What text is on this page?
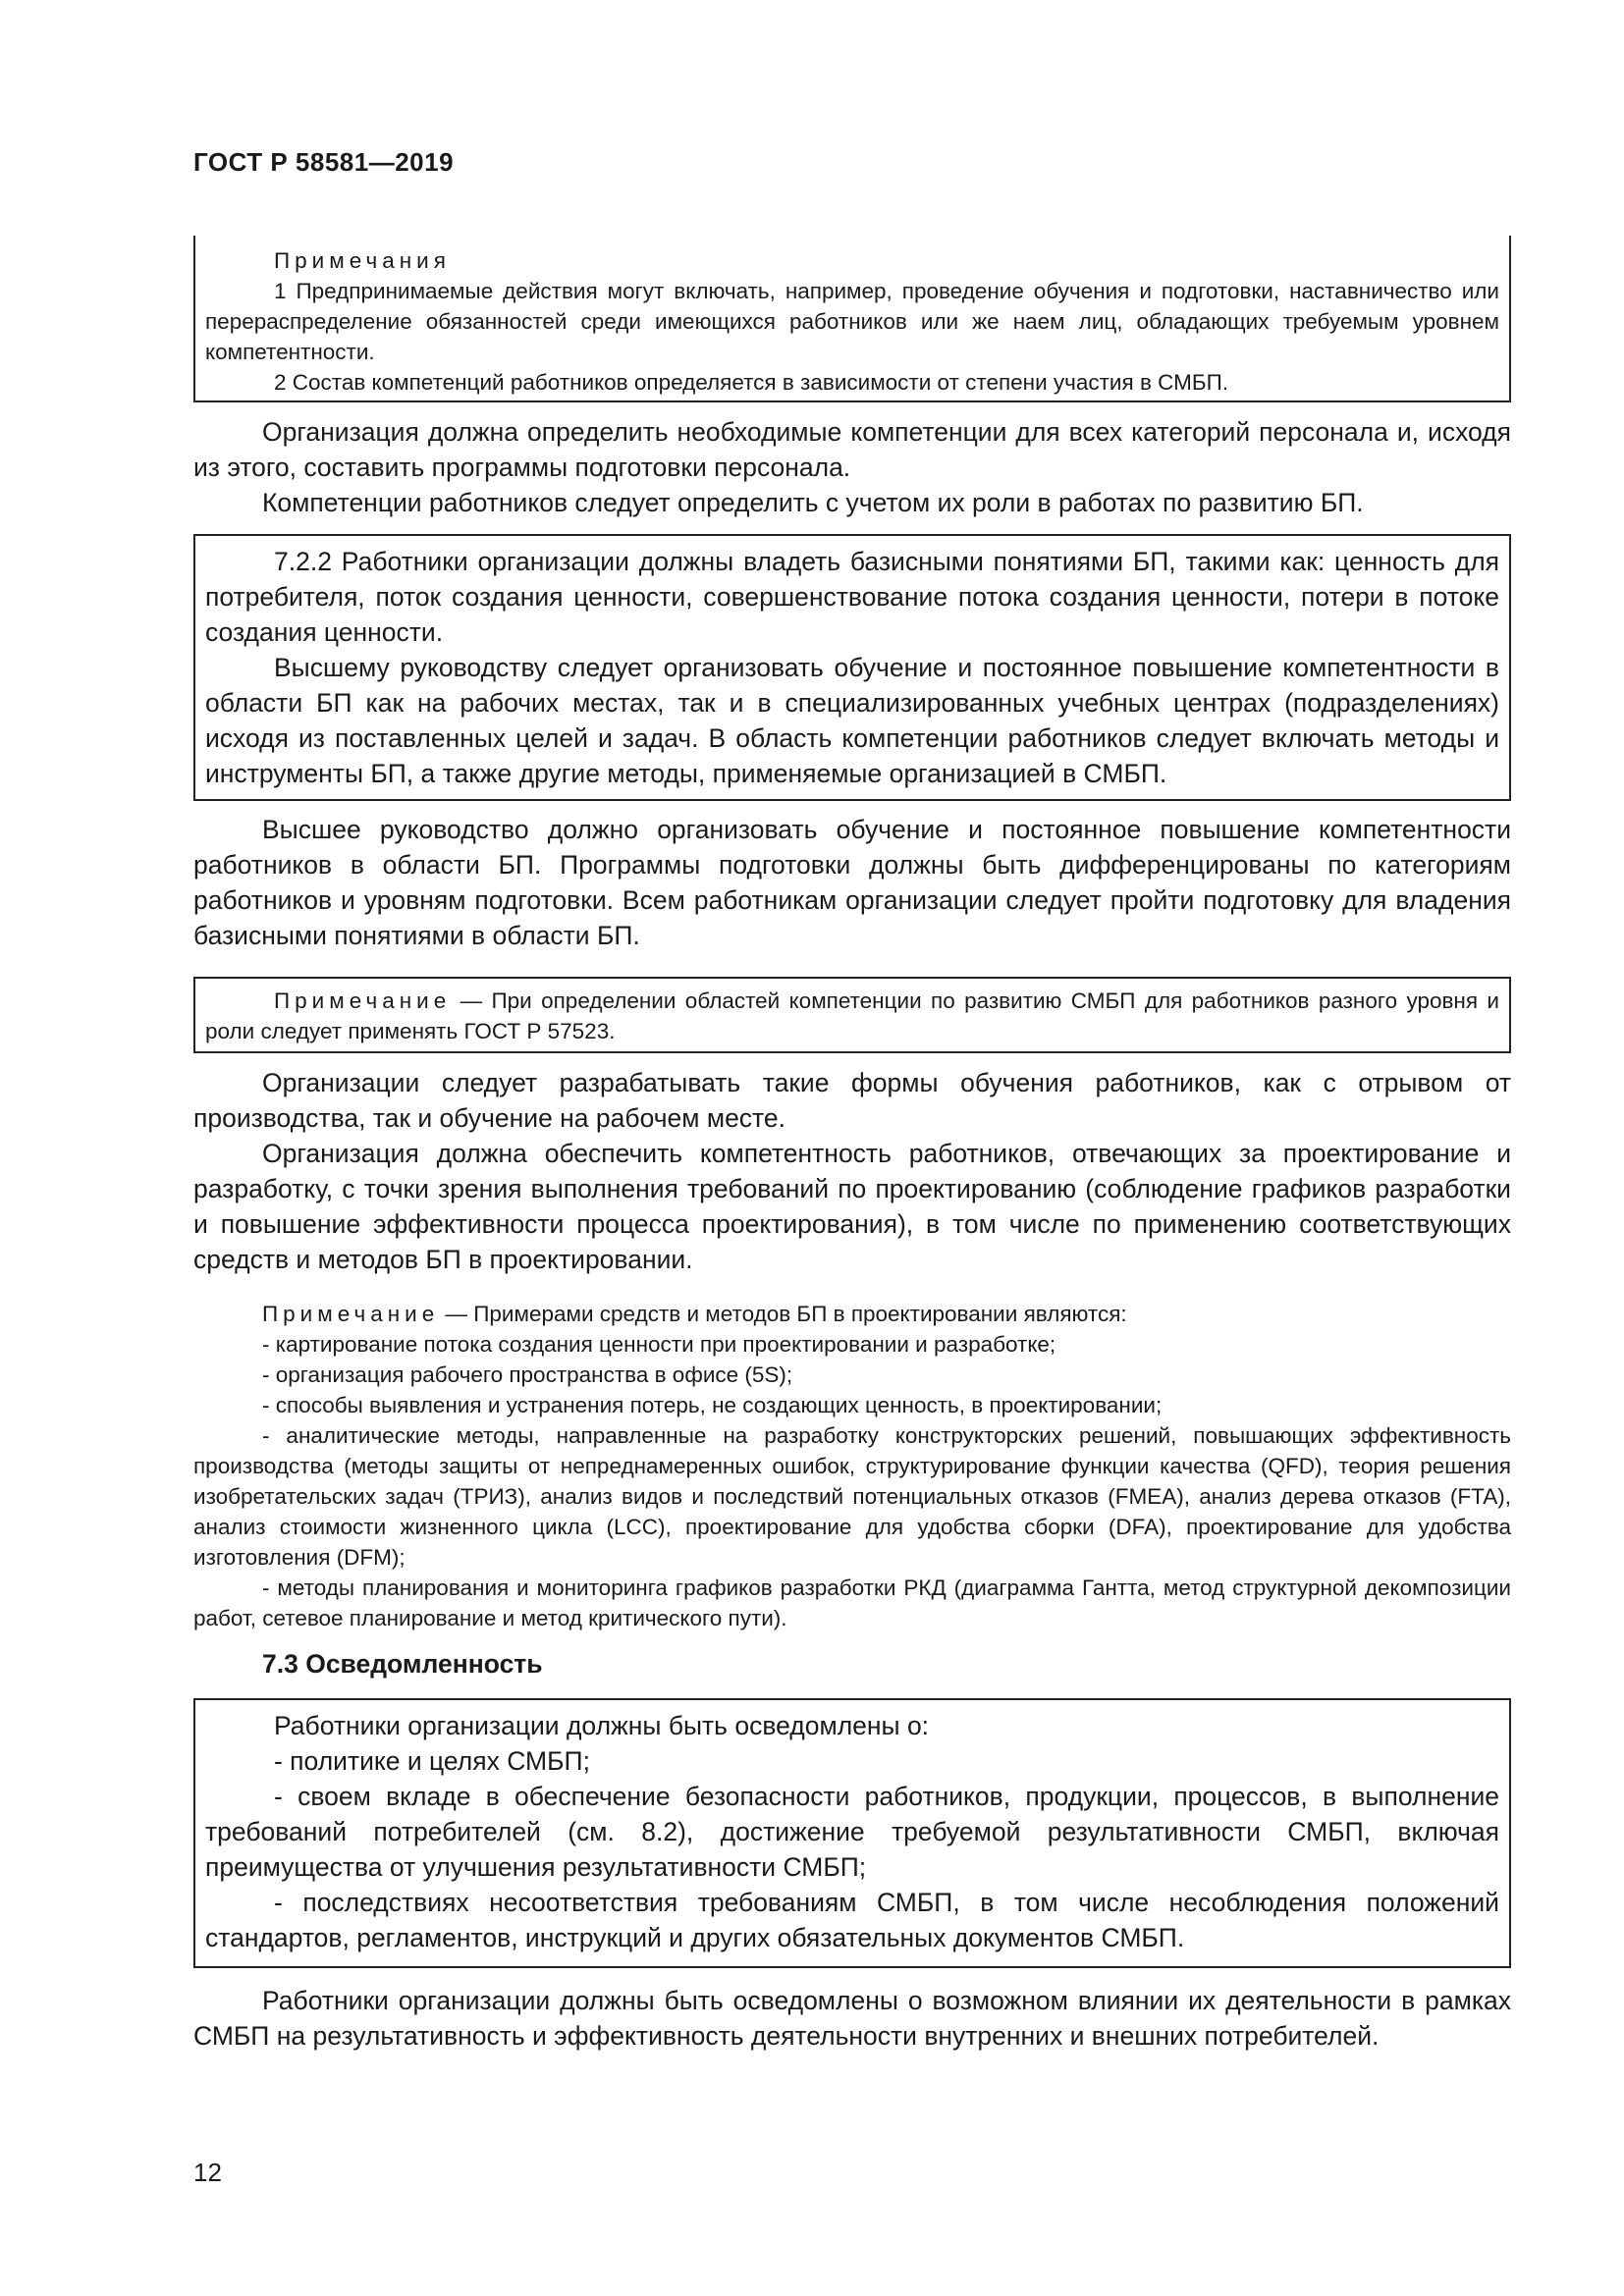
ГОСТ Р 58581—2019

Примечания

1 Предпринимаемые действия могут включать, например, проведение обучения и подготовки, наставничество или перераспределение обязанностей среди имеющихся работников или же наем лиц, обладающих требуемым уровнем компетентности.

2 Состав компетенций работников определяется в зависимости от степени участия в СМБП.

Организация должна определить необходимые компетенции для всех категорий персонала и, исходя из этого, составить программы подготовки персонала.

Компетенции работников следует определить с учетом их роли в работах по развитию БП.

7.2.2 Работники организации должны владеть базисными понятиями БП, такими как: ценность для потребителя, поток создания ценности, совершенствование потока создания ценности, потери в потоке создания ценности.

Высшему руководству следует организовать обучение и постоянное повышение компетентности в области БП как на рабочих местах, так и в специализированных учебных центрах (подразделениях) исходя из поставленных целей и задач. В область компетенции работников следует включать методы и инструменты БП, а также другие методы, применяемые организацией в СМБП.

Высшее руководство должно организовать обучение и постоянное повышение компетентности работников в области БП. Программы подготовки должны быть дифференцированы по категориям работников и уровням подготовки. Всем работникам организации следует пройти подготовку для владения базисными понятиями в области БП.

Примечание — При определении областей компетенции по развитию СМБП для работников разного уровня и роли следует применять ГОСТ Р 57523.

Организации следует разрабатывать такие формы обучения работников, как с отрывом от производства, так и обучение на рабочем месте.

Организация должна обеспечить компетентность работников, отвечающих за проектирование и разработку, с точки зрения выполнения требований по проектированию (соблюдение графиков разработки и повышение эффективности процесса проектирования), в том числе по применению соответствующих средств и методов БП в проектировании.

Примечание — Примерами средств и методов БП в проектировании являются:

- картирование потока создания ценности при проектировании и разработке;

- организация рабочего пространства в офисе (5S);

- способы выявления и устранения потерь, не создающих ценность, в проектировании;

- аналитические методы, направленные на разработку конструкторских решений, повышающих эффективность производства (методы защиты от непреднамеренных ошибок, структурирование функции качества (QFD), теория решения изобретательских задач (ТРИЗ), анализ видов и последствий потенциальных отказов (FMEA), анализ дерева отказов (FTA), анализ стоимости жизненного цикла (LCC), проектирование для удобства сборки (DFA), проектирование для удобства изготовления (DFM);

- методы планирования и мониторинга графиков разработки РКД (диаграмма Гантта, метод структурной декомпозиции работ, сетевое планирование и метод критического пути).

7.3 Осведомленность

Работники организации должны быть осведомлены о:

- политике и целях СМБП;

- своем вкладе в обеспечение безопасности работников, продукции, процессов, в выполнение требований потребителей (см. 8.2), достижение требуемой результативности СМБП, включая преимущества от улучшения результативности СМБП;

- последствиях несоответствия требованиям СМБП, в том числе несоблюдения положений стандартов, регламентов, инструкций и других обязательных документов СМБП.

Работники организации должны быть осведомлены о возможном влиянии их деятельности в рамках СМБП на результативность и эффективность деятельности внутренних и внешних потребителей.

12
